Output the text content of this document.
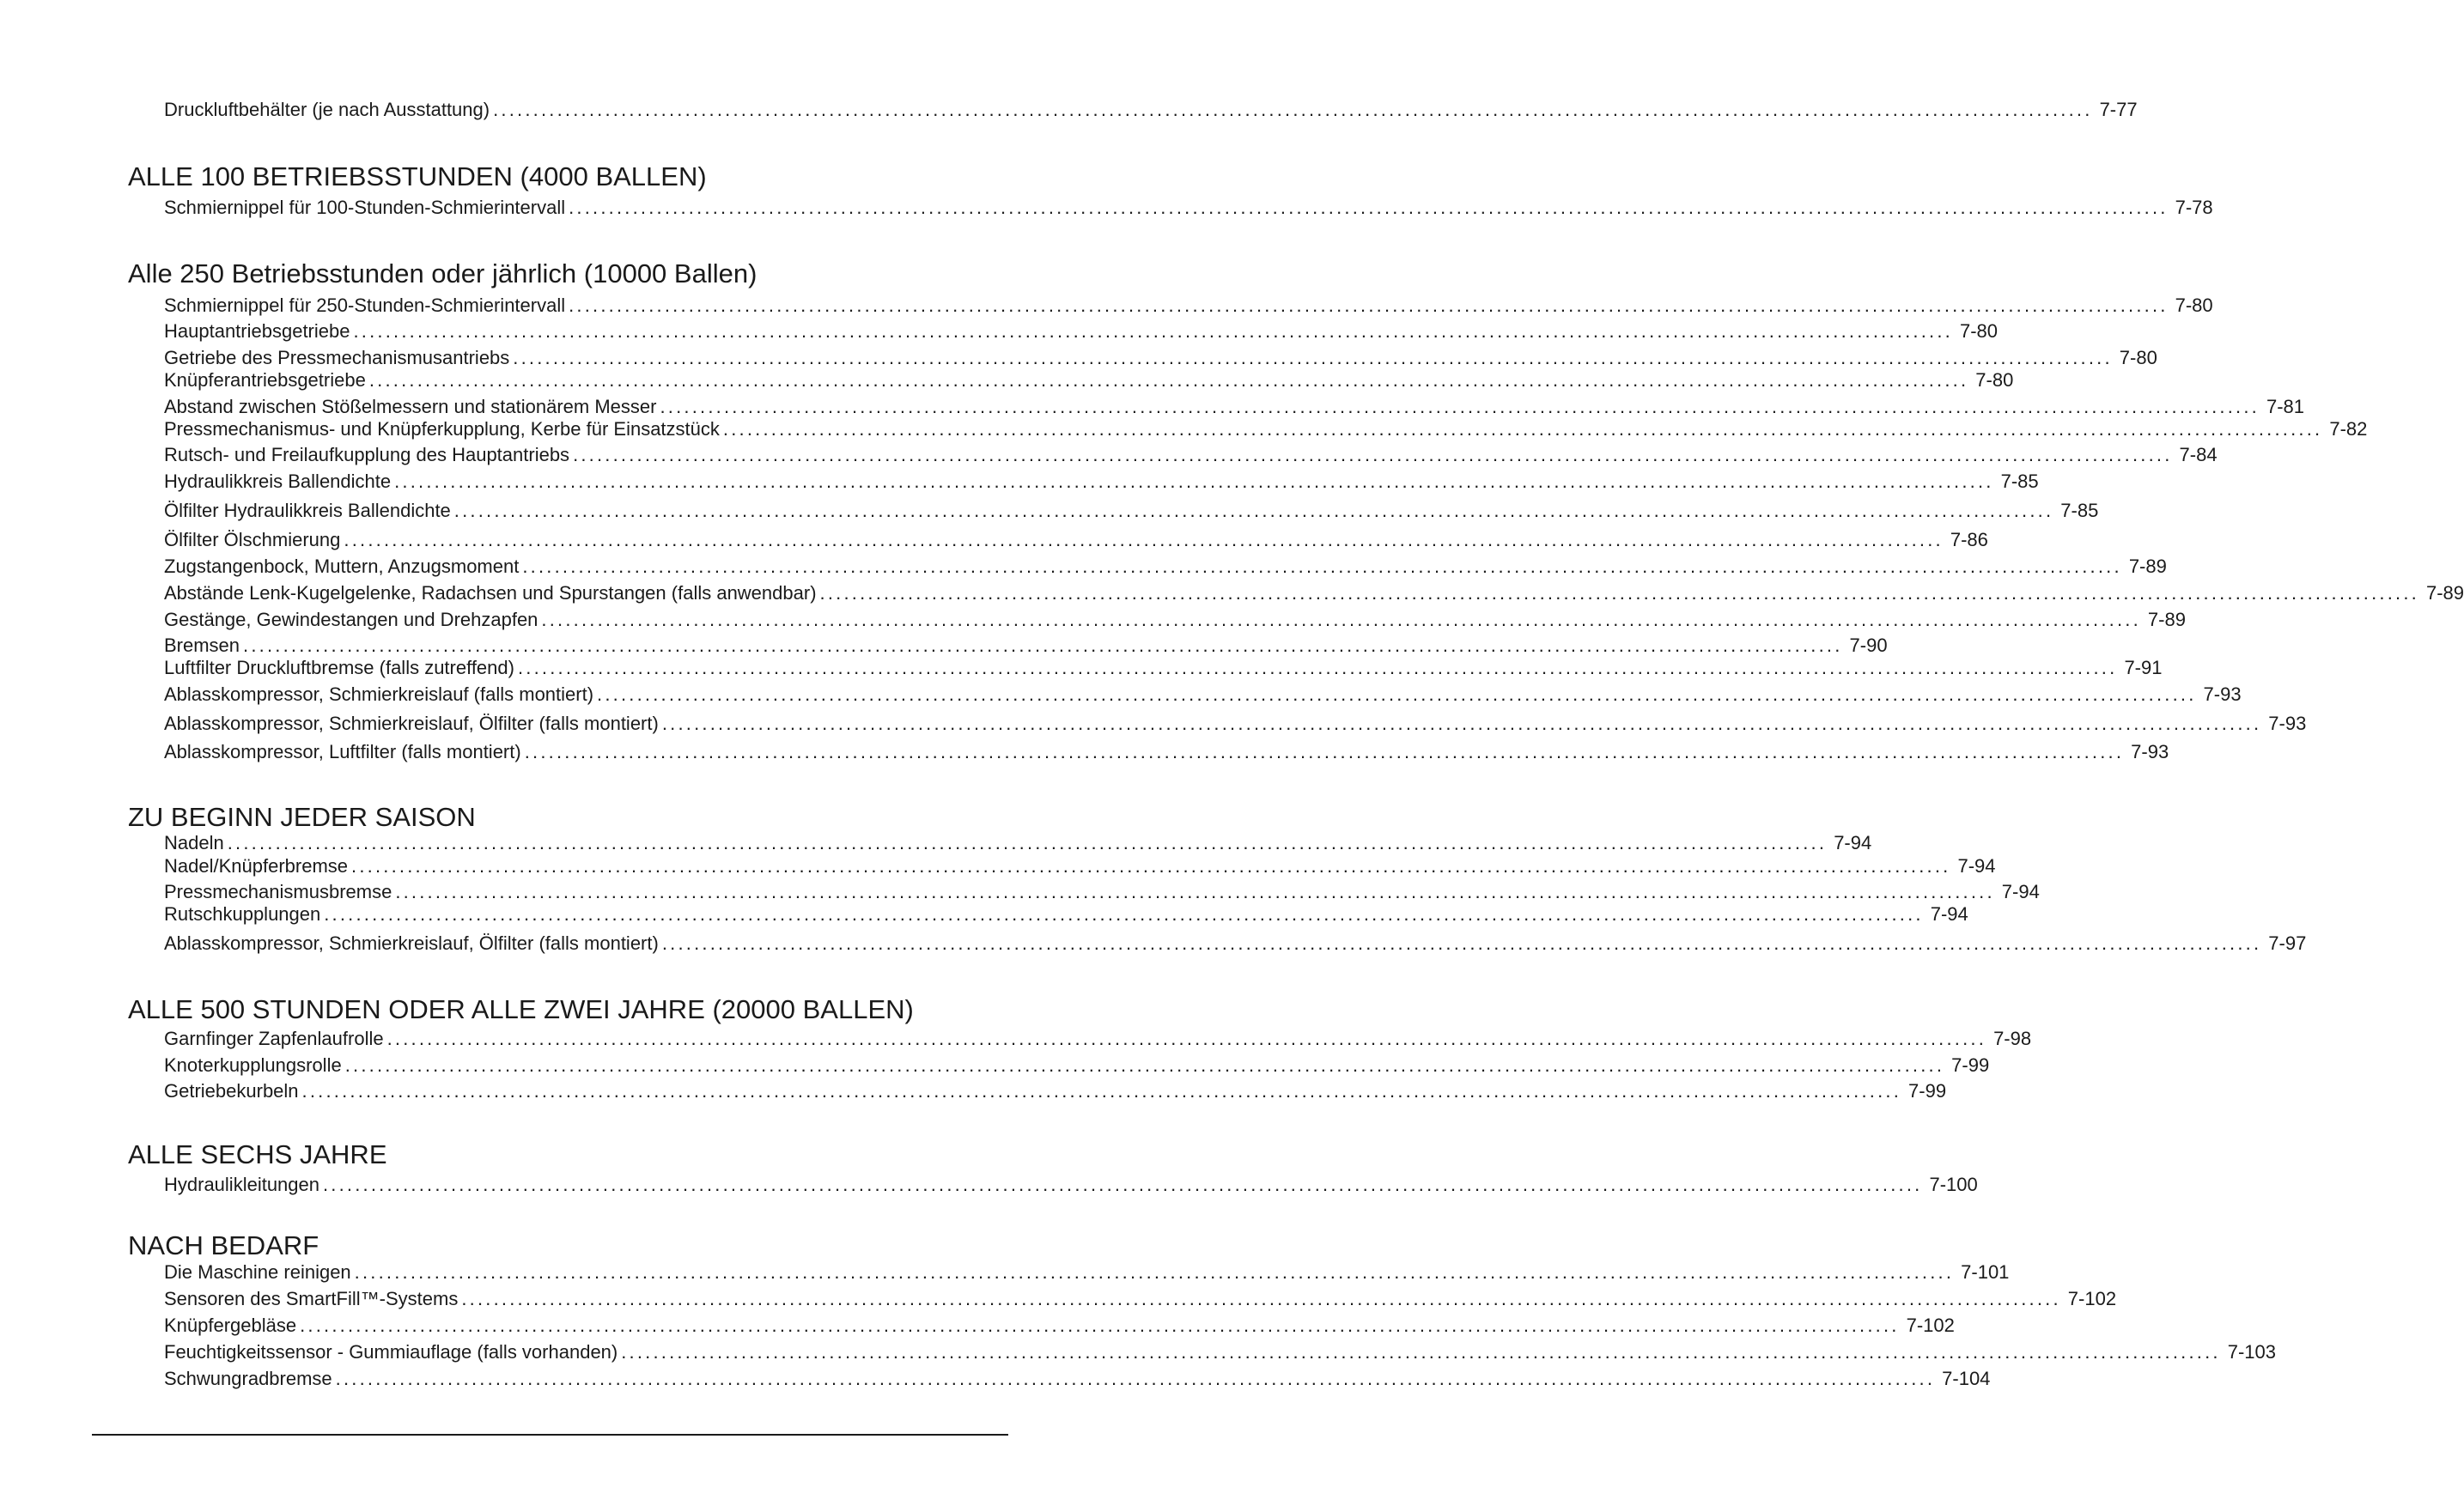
Druckluftbehälter (je nach Ausstattung) ........................................................................................................................................................................................................ 7-77
ALLE 100 BETRIEBSSTUNDEN (4000 BALLEN)
Schmiernippel für 100-Stunden-Schmierintervall ........................................................................................................................................................................................................ 7-78
Alle 250 Betriebsstunden oder jährlich (10000 Ballen)
Schmiernippel für 250-Stunden-Schmierintervall ........................................................................................................................................................................................................ 7-80
Hauptantriebsgetriebe ........................................................................................................................................................................................................ 7-80
Getriebe des Pressmechanismusantriebs ........................................................................................................................................................................................................ 7-80
Knüpferantriebsgetriebe ........................................................................................................................................................................................................ 7-80
Abstand zwischen Stößelmessern und stationärem Messer ........................................................................................................................................................................................................ 7-81
Pressmechanismus- und Knüpferkupplung, Kerbe für Einsatzstück ........................................................................................................................................................................................................ 7-82
Rutsch- und Freilaufkupplung des Hauptantriebs ........................................................................................................................................................................................................ 7-84
Hydraulikkreis Ballendichte ........................................................................................................................................................................................................ 7-85
Ölfilter Hydraulikkreis Ballendichte ........................................................................................................................................................................................................ 7-85
Ölfilter Ölschmierung ........................................................................................................................................................................................................ 7-86
Zugstangenbock, Muttern, Anzugsmoment ........................................................................................................................................................................................................ 7-89
Abstände Lenk-Kugelgelenke, Radachsen und Spurstangen (falls anwendbar) ........................................................................................................................................................................................................ 7-89
Gestänge, Gewindestangen und Drehzapfen ........................................................................................................................................................................................................ 7-89
Bremsen ........................................................................................................................................................................................................ 7-90
Luftfilter Druckluftbremse (falls zutreffend) ........................................................................................................................................................................................................ 7-91
Ablasskompressor, Schmierkreislauf (falls montiert) ........................................................................................................................................................................................................ 7-93
Ablasskompressor, Schmierkreislauf, Ölfilter (falls montiert) ........................................................................................................................................................................................................ 7-93
Ablasskompressor, Luftfilter (falls montiert) ........................................................................................................................................................................................................ 7-93
ZU BEGINN JEDER SAISON
Nadeln ........................................................................................................................................................................................................ 7-94
Nadel/Knüpferbremse ........................................................................................................................................................................................................ 7-94
Pressmechanismusbremse ........................................................................................................................................................................................................ 7-94
Rutschkupplungen ........................................................................................................................................................................................................ 7-94
Ablasskompressor, Schmierkreislauf, Ölfilter (falls montiert) ........................................................................................................................................................................................................ 7-97
ALLE 500 STUNDEN ODER ALLE ZWEI JAHRE (20000 BALLEN)
Garnfinger Zapfenlaufrolle ........................................................................................................................................................................................................ 7-98
Knoterkupplungsrolle ........................................................................................................................................................................................................ 7-99
Getriebekurbeln ........................................................................................................................................................................................................ 7-99
ALLE SECHS JAHRE
Hydraulikleitungen ........................................................................................................................................................................................................ 7-100
NACH BEDARF
Die Maschine reinigen ........................................................................................................................................................................................................ 7-101
Sensoren des SmartFill™-Systems ........................................................................................................................................................................................................ 7-102
Knüpfergebläse ........................................................................................................................................................................................................ 7-102
Feuchtigkeitssensor - Gummiauflage (falls vorhanden) ........................................................................................................................................................................................................ 7-103
Schwungradbremse ........................................................................................................................................................................................................ 7-104
